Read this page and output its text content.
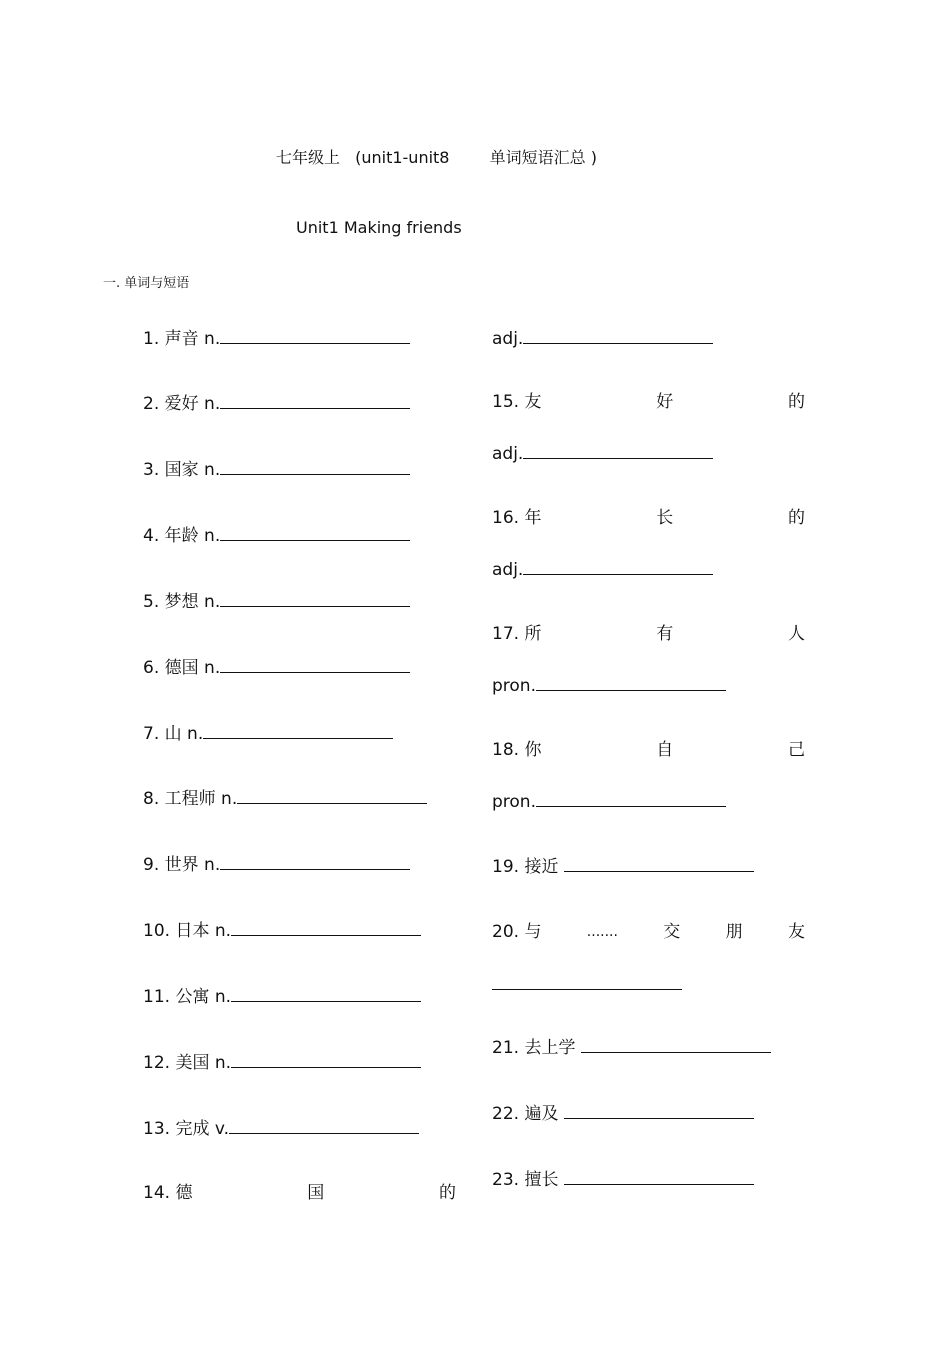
七年级上 (unit1-unit8	单词短语汇总 )
Unit1 Making friends
一. 单词与短语
1. 声音 n.
2. 爱好 n.
3. 国家 n.
4. 年龄 n.
5. 梦想 n.
6. 德国 n.
7. 山 n.
8. 工程师 n.
9. 世界 n.
10. 日本 n.
11. 公寓 n.
12. 美国 n.
13. 完成 v.
14. 德	国	的
adj.
15. 友	好	的
adj.
16. 年	长	的
adj.
17. 所	有	人
pron.
18. 你	自	己
pron.
19. 接近
20. 与	.......	交	朋	友
21. 去上学
22. 遍及
23. 擅长
